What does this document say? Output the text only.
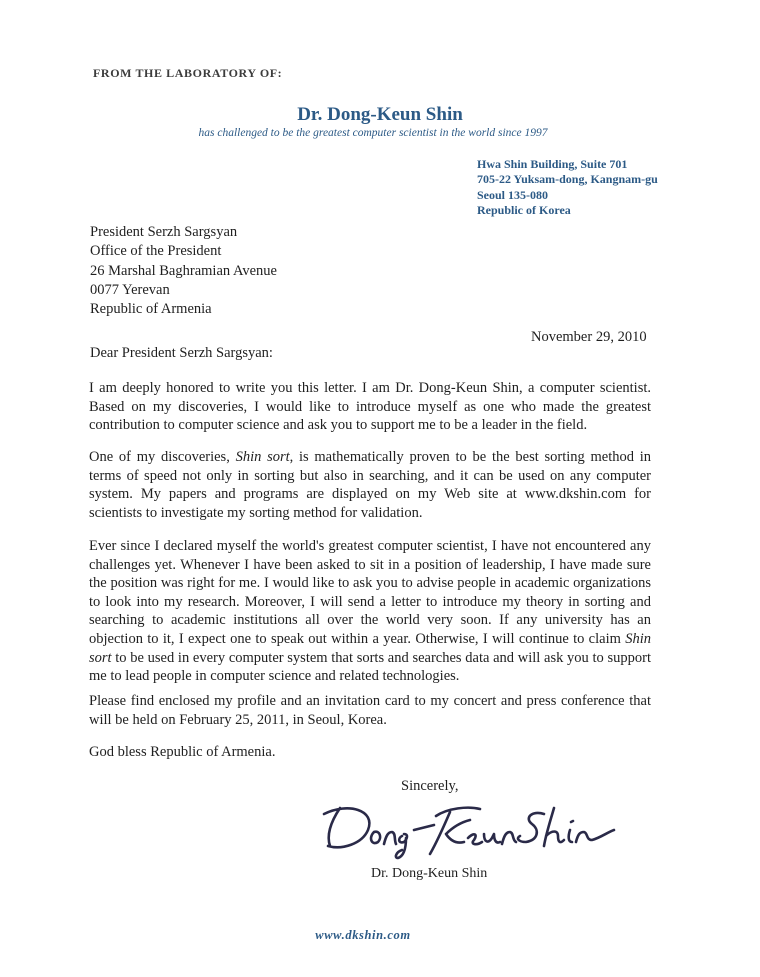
FROM THE LABORATORY OF:
Dr. Dong-Keun Shin
has challenged to be the greatest computer scientist in the world since 1997
Hwa Shin Building, Suite 701
705-22 Yuksam-dong, Kangnam-gu
Seoul 135-080
Republic of Korea
President Serzh Sargsyan
Office of the President
26 Marshal Baghramian Avenue
0077 Yerevan
Republic of Armenia
November 29, 2010
Dear President Serzh Sargsyan:

I am deeply honored to write you this letter. I am Dr. Dong-Keun Shin, a computer scientist. Based on my discoveries, I would like to introduce myself as one who made the greatest contribution to computer science and ask you to support me to be a leader in the field.

One of my discoveries, Shin sort, is mathematically proven to be the best sorting method in terms of speed not only in sorting but also in searching, and it can be used on any computer system. My papers and programs are displayed on my Web site at www.dkshin.com for scientists to investigate my sorting method for validation.

Ever since I declared myself the world's greatest computer scientist, I have not encountered any challenges yet. Whenever I have been asked to sit in a position of leadership, I have made sure the position was right for me. I would like to ask you to advise people in academic organizations to look into my research. Moreover, I will send a letter to introduce my theory in sorting and searching to academic institutions all over the world very soon. If any university has an objection to it, I expect one to speak out within a year. Otherwise, I will continue to claim Shin sort to be used in every computer system that sorts and searches data and will ask you to support me to lead people in computer science and related technologies.

Please find enclosed my profile and an invitation card to my concert and press conference that will be held on February 25, 2011, in Seoul, Korea.

God bless Republic of Armenia.

Sincerely,
Dr. Dong-Keun Shin
www.dkshin.com
